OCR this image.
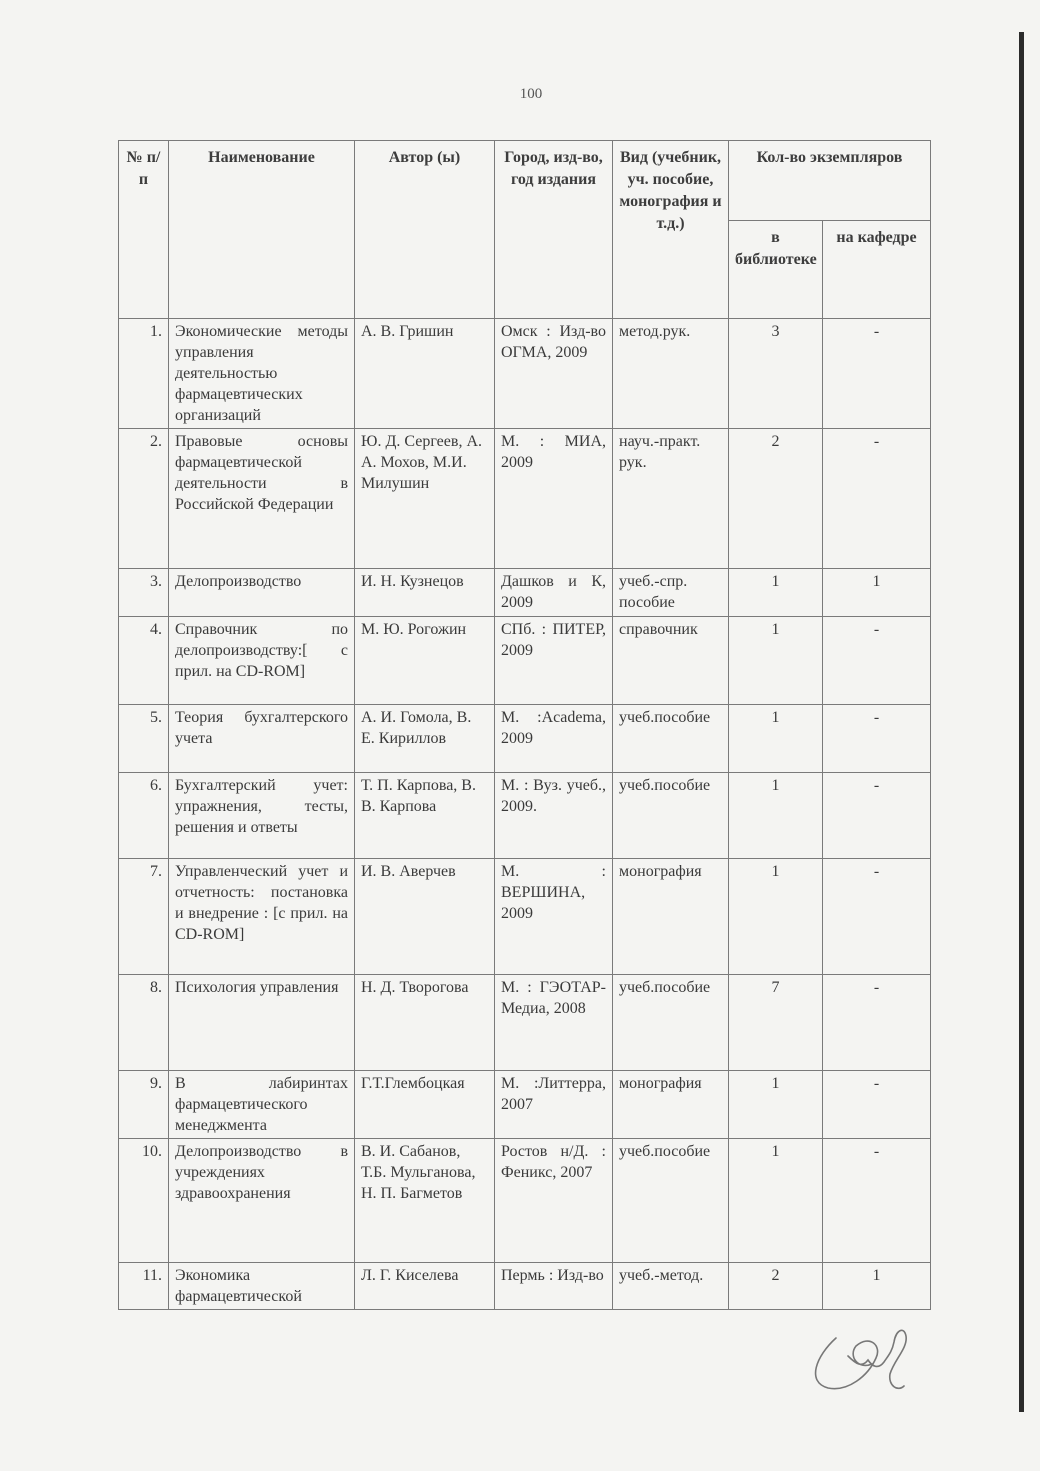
100
№ п/п	Наименование	Автор (ы)	Город, изд-во, год издания	Вид (учебник, уч. пособие, монография и т.д.)	Кол-во экземпляров	
					в библиотеке	на кафедре
1.	Экономические методы управления деятельностью фармацевтических организаций	А. В. Гришин	Омск : Изд-во ОГМА, 2009	метод.рук.	3	-
2.	Правовые основы фармацевтической деятельности в Российской Федерации	Ю. Д. Сергеев, А. А. Мохов, М.И. Милушин	М. : МИА, 2009	науч.-практ. рук.	2	-
3.	Делопроизводство	И. Н. Кузнецов	Дашков и К, 2009	учеб.-спр. пособие	1	1
4.	Справочник по делопроизводству:[ с прил. на CD-ROM]	М. Ю. Рогожин	СПб. : ПИТЕР, 2009	справочник	1	-
5.	Теория бухгалтерского учета	А. И. Гомола, В. Е. Кириллов	М. :Academa, 2009	учеб.пособие	1	-
6.	Бухгалтерский учет: упражнения, тесты, решения и ответы	Т. П. Карпова, В. В. Карпова	М. : Вуз. учеб., 2009.	учеб.пособие	1	-
7.	Управленческий учет и отчетность: постановка и внедрение : [с прил. на CD-ROM]	И. В. Аверчев	М. : ВЕРШИНА, 2009	монография	1	-
8.	Психология управления	Н. Д. Творогова	М. : ГЭОТАР-Медиа, 2008	учеб.пособие	7	-
9.	В лабиринтах фармацевтического менеджмента	Г.Т.Глембоцкая	М. :Литтерра, 2007	монография	1	-
10.	Делопроизводство в учреждениях здравоохранения	В. И. Сабанов, Т.Б. Мульганова, Н. П. Багметов	Ростов н/Д. : Феникс, 2007	учеб.пособие	1	-
11.	Экономика фармацевтической	Л. Г. Киселева	Пермь : Изд-во	учеб.-метод.	2	1
